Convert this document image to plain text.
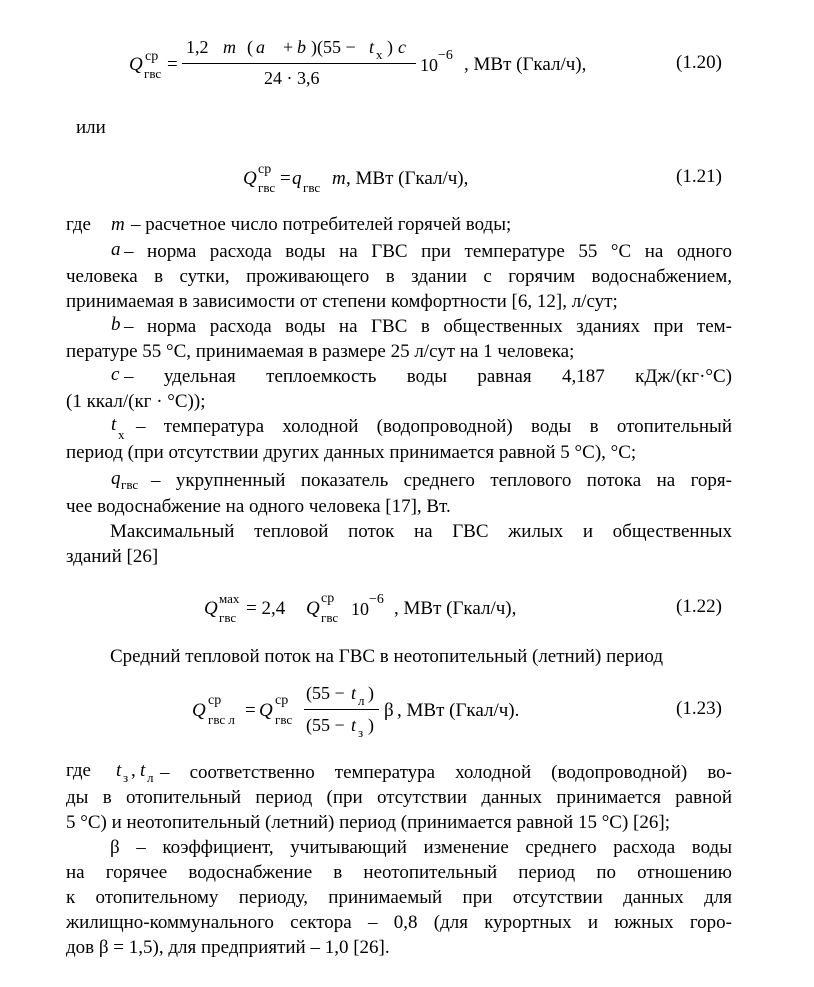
Q ср
гвс =
1,2 m ( a + b )(55 − t х ) c
24 · 3,6
10 −6 , МВт (Гкал/ч),	(1.20)
или
Q ср
гвс = q гвс m , МВт (Гкал/ч),	(1.21)
где m – расчетное число потребителей горячей воды;
a – норма расхода воды на ГВС при температуре 55 °С на одного
человека в сутки, проживающего в здании с горячим водоснабжением,
принимаемая в зависимости от степени комфортности [6, 12], л/сут;
b – норма расхода воды на ГВС в общественных зданиях при тем-
пературе 55 °С, принимаемая в размере 25 л/сут на 1 человека;
c – удельная теплоемкость воды равная 4,187 кДж/(кг·°С)
(1 ккал/(кг · °С));
t х – температура холодной (водопроводной) воды в отопительный
период (при отсутствии других данных принимается равной 5 °С), °С;
q гвс – укрупненный показатель среднего теплового потока на горя-
чее водоснабжение на одного человека [17], Вт.
Максимальный тепловой поток на ГВС жилых и общественных
зданий [26]
Q мах
гвс = 2,4 Q ср
гвс 10 −6 , МВт (Гкал/ч),	(1.22)
Средний тепловой поток на ГВС в неотопительный (летний) период
Q ср
гвс л = Q ср
гвс
(55 − t л )
(55 − t з )
β , МВт (Гкал/ч).	(1.23)
где t з , t л – соответственно температура холодной (водопроводной) во-
ды в отопительный период (при отсутствии данных принимается равной
5 °С) и неотопительный (летний) период (принимается равной 15 °С) [26];
β – коэффициент, учитывающий изменение среднего расхода воды
на горячее водоснабжение в неотопительный период по отношению
к отопительному периоду, принимаемый при отсутствии данных для
жилищно-коммунального сектора – 0,8 (для курортных и южных горо-
дов β = 1,5), для предприятий – 1,0 [26].
